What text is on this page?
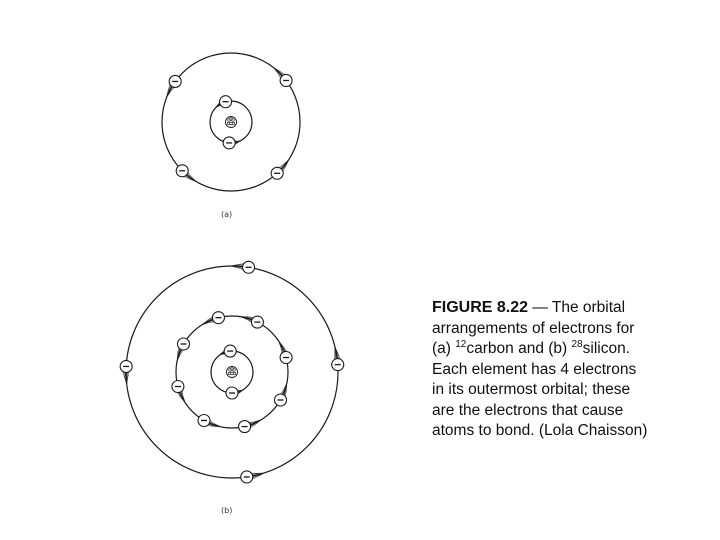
(a)
(b)
FIGURE 8.22 — The orbital
arrangements of electrons for
(a) $^{12}$carbon and (b) $^{28}$silicon.
Each element has 4 electrons
in its outermost orbital; these
are the electrons that cause
atoms to bond. (Lola Chaisson)
